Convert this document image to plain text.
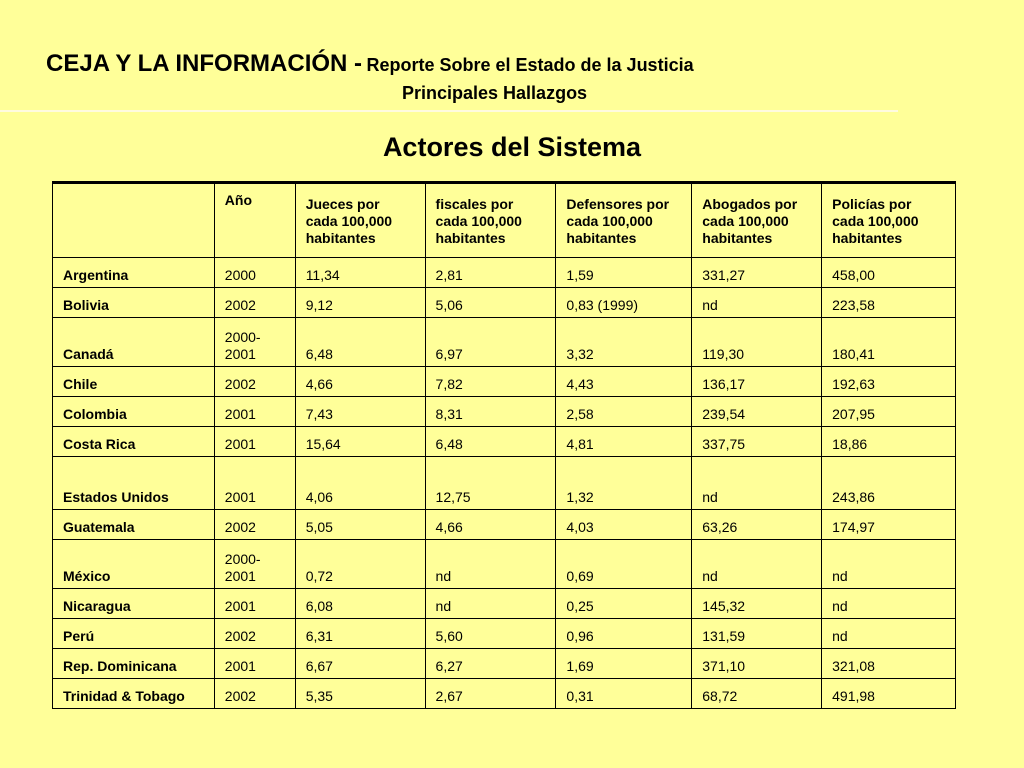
CEJA Y LA INFORMACIÓN - Reporte Sobre el Estado de la Justicia
Principales Hallazgos
Actores del Sistema
	Año	Jueces por cada 100,000 habitantes	fiscales por cada 100,000 habitantes	Defensores por cada 100,000 habitantes	Abogados por cada 100,000 habitantes	Policías por cada 100,000 habitantes
Argentina	2000	11,34	2,81	1,59	331,27	458,00
Bolivia	2002	9,12	5,06	0,83 (1999)	nd	223,58
Canadá	2000-2001	6,48	6,97	3,32	119,30	180,41
Chile	2002	4,66	7,82	4,43	136,17	192,63
Colombia	2001	7,43	8,31	2,58	239,54	207,95
Costa Rica	2001	15,64	6,48	4,81	337,75	18,86
Estados Unidos	2001	4,06	12,75	1,32	nd	243,86
Guatemala	2002	5,05	4,66	4,03	63,26	174,97
México	2000-2001	0,72	nd	0,69	nd	nd
Nicaragua	2001	6,08	nd	0,25	145,32	nd
Perú	2002	6,31	5,60	0,96	131,59	nd
Rep. Dominicana	2001	6,67	6,27	1,69	371,10	321,08
Trinidad & Tobago	2002	5,35	2,67	0,31	68,72	491,98
